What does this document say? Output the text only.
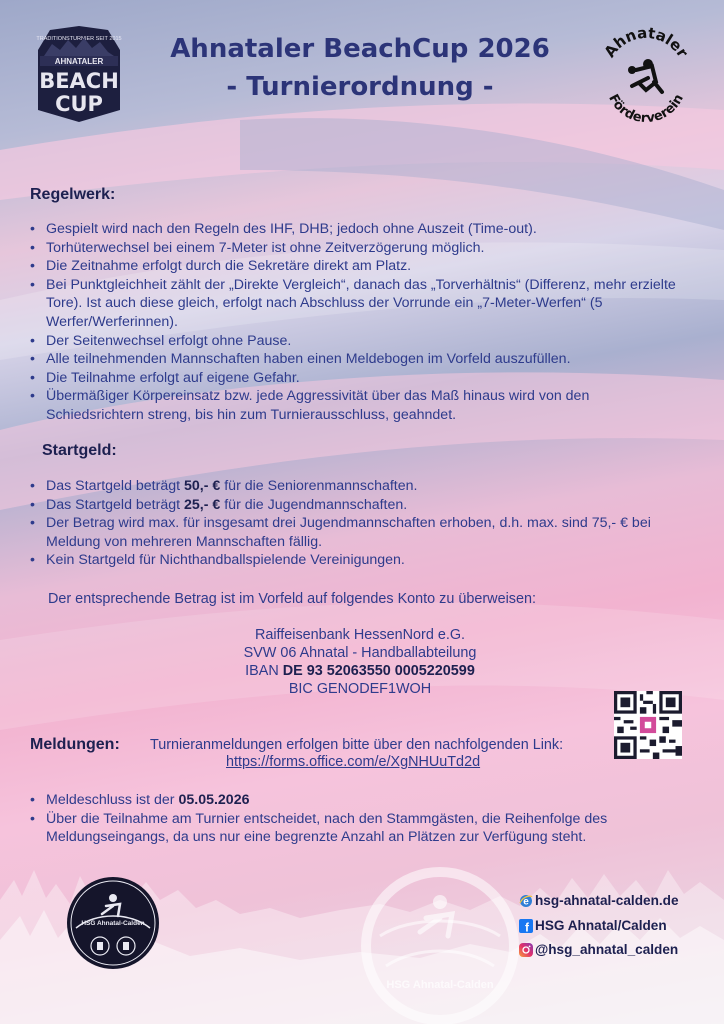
TRADITIONSTURNIER SEIT 2015
AHNATALER
BEACH
CUP
Ahnataler BeachCup 2026
- Turnierordnung -
Ahnataler
Förderverein
Regelwerk:
• Gespielt wird nach den Regeln des IHF, DHB; jedoch ohne Auszeit (Time-out).
• Torhüterwechsel bei einem 7-Meter ist ohne Zeitverzögerung möglich.
• Die Zeitnahme erfolgt durch die Sekretäre direkt am Platz.
• Bei Punktgleichheit zählt der „Direkte Vergleich“, danach das „Torverhältnis“ (Differenz, mehr erzielte Tore). Ist auch diese gleich, erfolgt nach Abschluss der Vorrunde ein „7-Meter-Werfen“ (5 Werfer/Werferinnen).
• Der Seitenwechsel erfolgt ohne Pause.
• Alle teilnehmenden Mannschaften haben einen Meldebogen im Vorfeld auszufüllen.
• Die Teilnahme erfolgt auf eigene Gefahr.
• Übermäßiger Körpereinsatz bzw. jede Aggressivität über das Maß hinaus wird von den Schiedsrichtern streng, bis hin zum Turnierausschluss, geahndet.
Startgeld:
• Das Startgeld beträgt 50,- € für die Seniorenmannschaften.
• Das Startgeld beträgt 25,- € für die Jugendmannschaften.
• Der Betrag wird max. für insgesamt drei Jugendmannschaften erhoben, d.h. max. sind 75,- € bei Meldung von mehreren Mannschaften fällig.
• Kein Startgeld für Nichthandballspielende Vereinigungen.
Der entsprechende Betrag ist im Vorfeld auf folgendes Konto zu überweisen:
Raiffeisenbank HessenNord e.G.
SVW 06 Ahnatal - Handballabteilung
IBAN DE 93 52063550 0005220599
BIC GENODEF1WOH
Meldungen: Turnieranmeldungen erfolgen bitte über den nachfolgenden Link:
https://forms.office.com/e/XgNHUuTd2d
• Meldeschluss ist der 05.05.2026
• Über die Teilnahme am Turnier entscheidet, nach den Stammgästen, die Reihenfolge des Meldungseingangs, da uns nur eine begrenzte Anzahl an Plätzen zur Verfügung steht.
HSG Ahnatal-Calden
HSG Ahnatal-Calden
e hsg-ahnatal-calden.de
f HSG Ahnatal/Calden
@hsg_ahnatal_calden
